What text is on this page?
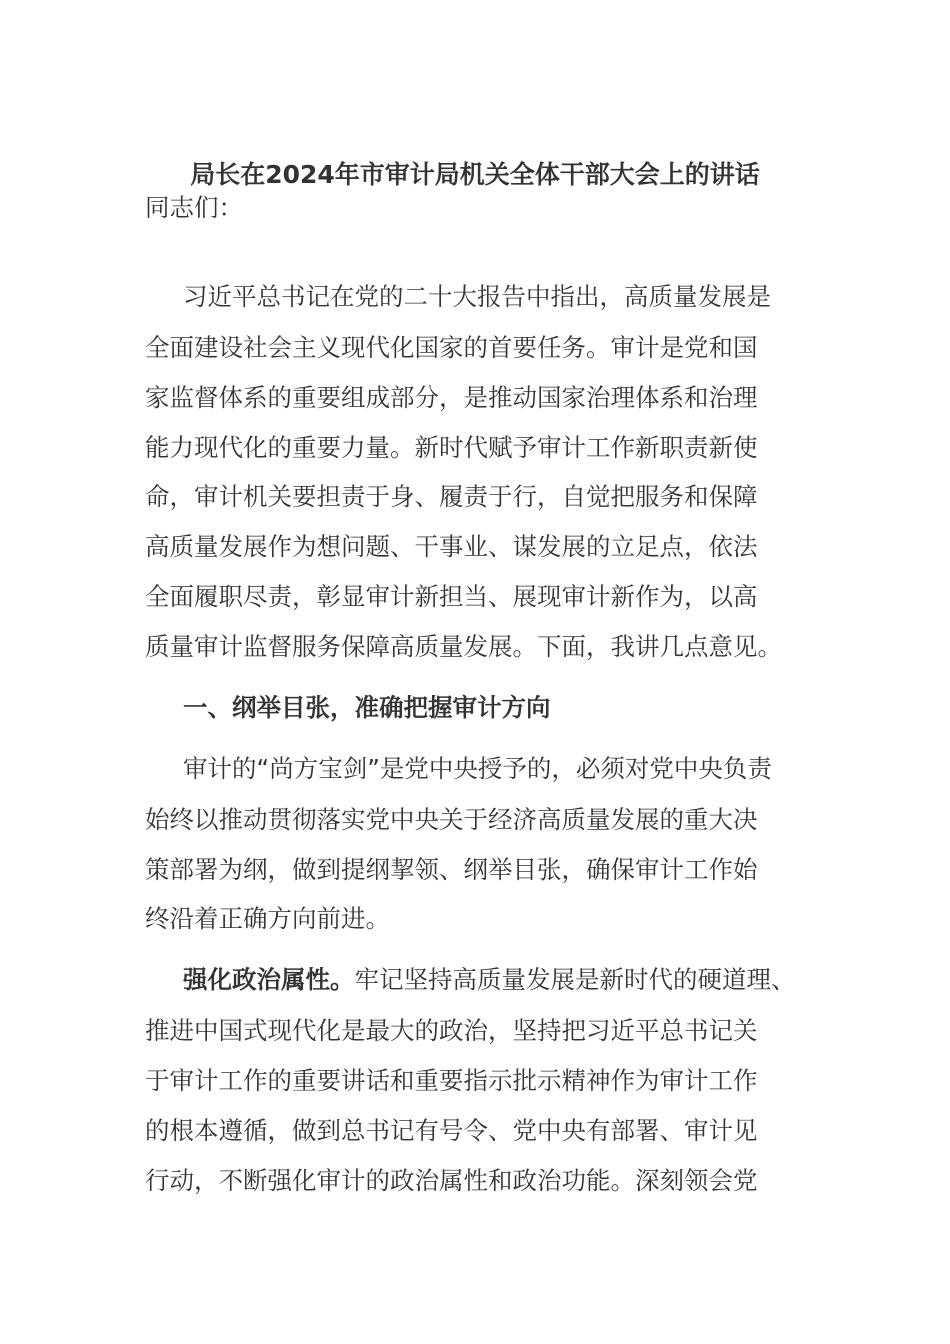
局长在2024年市审计局机关全体干部大会上的讲话
同志们：
习近平总书记在党的二十大报告中指出，高质量发展是
全面建设社会主义现代化国家的首要任务。审计是党和国
家监督体系的重要组成部分，是推动国家治理体系和治理
能力现代化的重要力量。新时代赋予审计工作新职责新使
命，审计机关要担责于身、履责于行，自觉把服务和保障
高质量发展作为想问题、干事业、谋发展的立足点，依法
全面履职尽责，彰显审计新担当、展现审计新作为，以高
质量审计监督服务保障高质量发展。下面，我讲几点意见。
一、纲举目张，准确把握审计方向
审计的“尚方宝剑”是党中央授予的，必须对党中央负责
始终以推动贯彻落实党中央关于经济高质量发展的重大决
策部署为纲，做到提纲挈领、纲举目张，确保审计工作始
终沿着正确方向前进。
强化政治属性。牢记坚持高质量发展是新时代的硬道理、
推进中国式现代化是最大的政治，坚持把习近平总书记关
于审计工作的重要讲话和重要指示批示精神作为审计工作
的根本遵循，做到总书记有号令、党中央有部署、审计见
行动，不断强化审计的政治属性和政治功能。深刻领会党
